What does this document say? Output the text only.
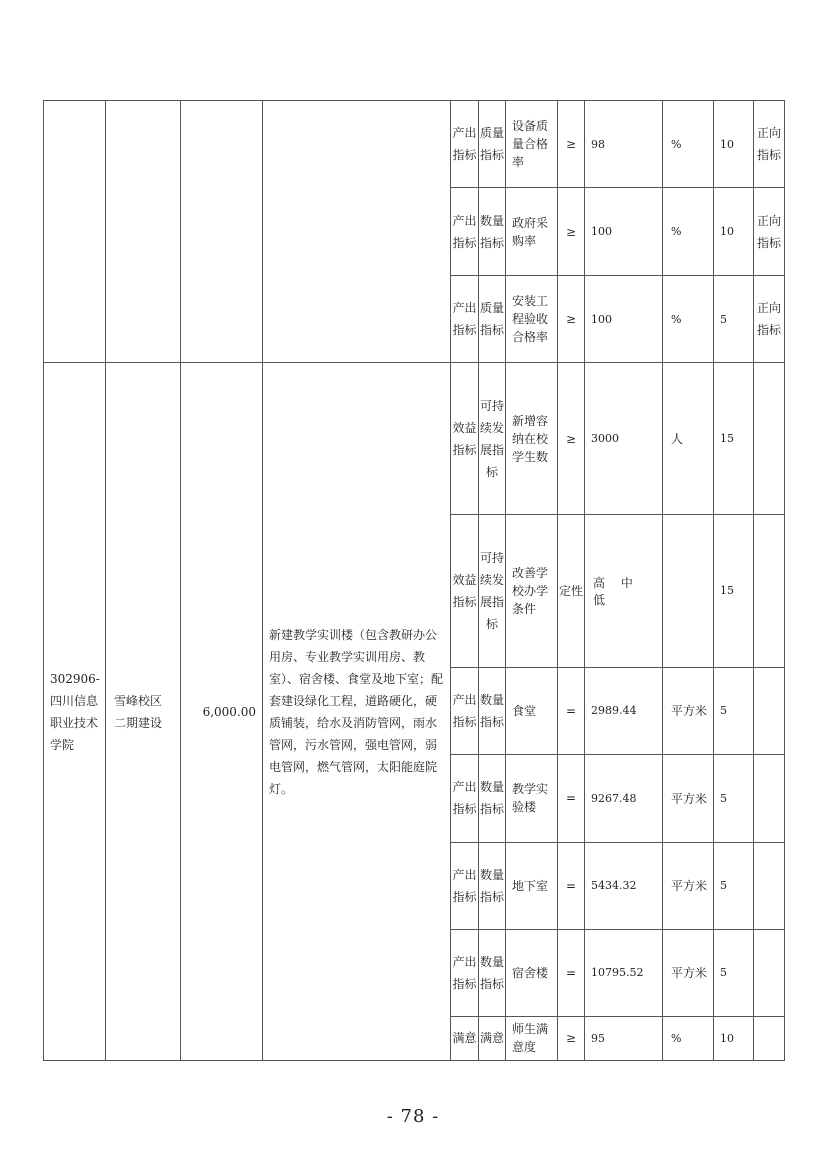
				产出指标	质量指标	设备质量合格率	≥	98	%	10	正向指标

				产出指标	数量指标	政府采购率	≥	100	%	10	正向指标

				产出指标	质量指标	安装工程验收合格率	≥	100	%	5	正向指标

302906-四川信息职业技术学院	雪峰校区二期建设	6,000.00	新建教学实训楼（包含教研办公用房、专业教学实训用房、教室）、宿舍楼、食堂及地下室；配套建设绿化工程，道路硬化，硬质铺装，给水及消防管网，雨水管网，污水管网，强电管网，弱电管网，燃气管网，太阳能庭院灯。	效益指标	可持续发展指标	新增容纳在校学生数	≥	3000	人	15	

				效益指标	可持续发展指标	改善学校办学条件	定性	高 中 低		15	

				产出指标	数量指标	食堂	=	2989.44	平方米	5	

				产出指标	数量指标	教学实验楼	=	9267.48	平方米	5	

				产出指标	数量指标	地下室	=	5434.32	平方米	5	

				产出指标	数量指标	宿舍楼	=	10795.52	平方米	5	

				满意	满意	师生满意度	≥	95	%	10	
- 78 -
